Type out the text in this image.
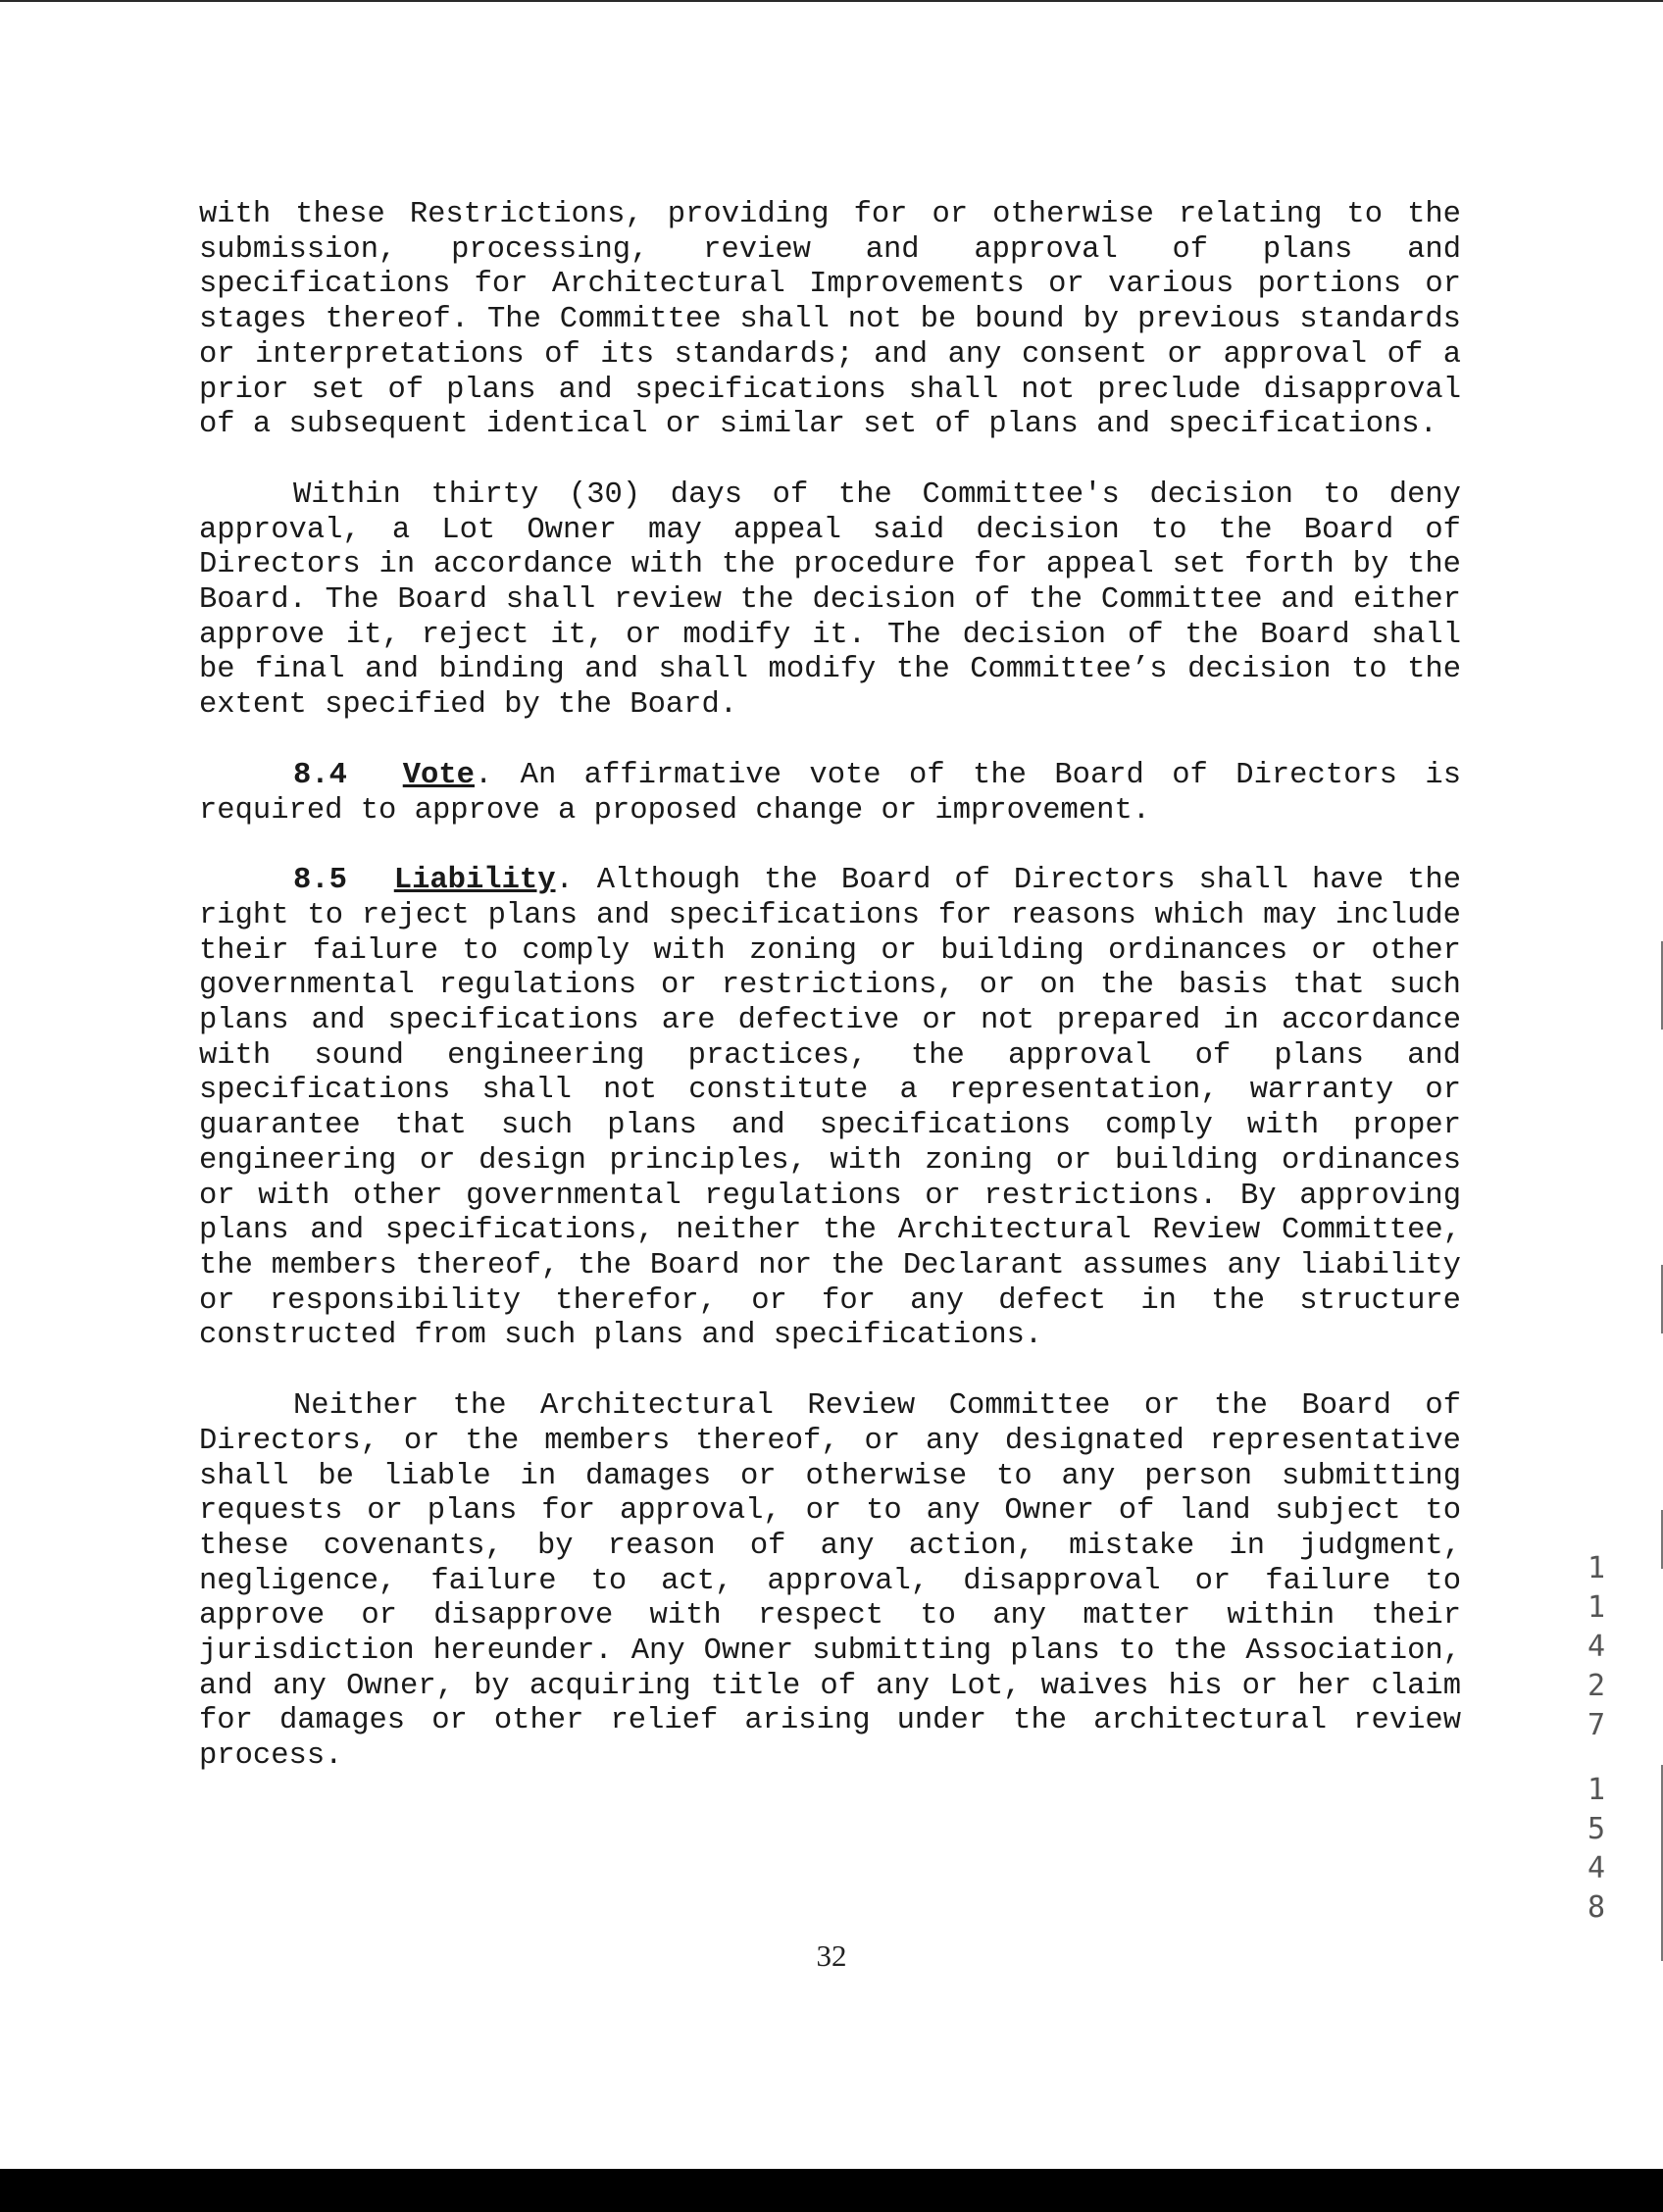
with these Restrictions, providing for or otherwise relating to the submission, processing, review and approval of plans and specifications for Architectural Improvements or various portions or stages thereof. The Committee shall not be bound by previous standards or interpretations of its standards; and any consent or approval of a prior set of plans and specifications shall not preclude disapproval of a subsequent identical or similar set of plans and specifications.

Within thirty (30) days of the Committee's decision to deny approval, a Lot Owner may appeal said decision to the Board of Directors in accordance with the procedure for appeal set forth by the Board. The Board shall review the decision of the Committee and either approve it, reject it, or modify it. The decision of the Board shall be final and binding and shall modify the Committee’s decision to the extent specified by the Board.

8.4 Vote. An affirmative vote of the Board of Directors is required to approve a proposed change or improvement.

8.5 Liability. Although the Board of Directors shall have the right to reject plans and specifications for reasons which may include their failure to comply with zoning or building ordinances or other governmental regulations or restrictions, or on the basis that such plans and specifications are defective or not prepared in accordance with sound engineering practices, the approval of plans and specifications shall not constitute a representation, warranty or guarantee that such plans and specifications comply with proper engineering or design principles, with zoning or building ordinances or with other governmental regulations or restrictions. By approving plans and specifications, neither the Architectural Review Committee, the members thereof, the Board nor the Declarant assumes any liability or responsibility therefor, or for any defect in the structure constructed from such plans and specifications.

Neither the Architectural Review Committee or the Board of Directors, or the members thereof, or any designated representative shall be liable in damages or otherwise to any person submitting requests or plans for approval, or to any Owner of land subject to these covenants, by reason of any action, mistake in judgment, negligence, failure to act, approval, disapproval or failure to approve or disapprove with respect to any matter within their jurisdiction hereunder. Any Owner submitting plans to the Association, and any Owner, by acquiring title of any Lot, waives his or her claim for damages or other relief arising under the architectural review process.

32
1
1
4
2
7
1
5
4
8
